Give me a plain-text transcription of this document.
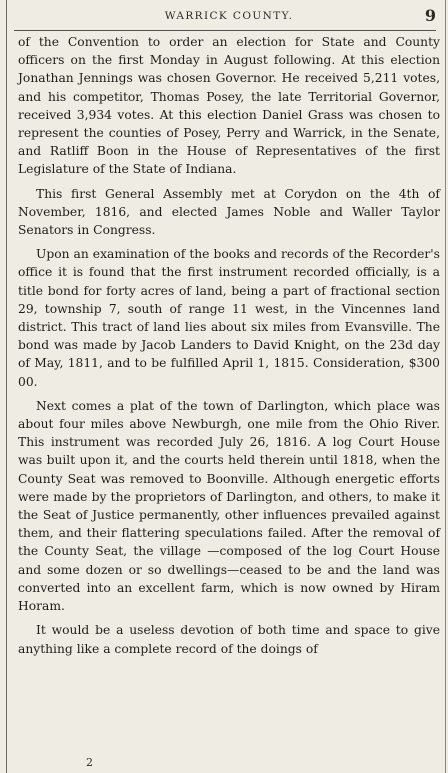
WARRICK COUNTY.	9

of the Convention to order an election for State and County officers on the first Monday in August following. At this election Jonathan Jennings was chosen Governor. He received 5,211 votes, and his competitor, Thomas Posey, the late Territorial Governor, received 3,934 votes. At this election Daniel Grass was chosen to represent the counties of Posey, Perry and Warrick, in the Senate, and Ratliff Boon in the House of Representatives of the first Legislature of the State of Indiana.

This first General Assembly met at Corydon on the 4th of November, 1816, and elected James Noble and Waller Taylor Senators in Congress.

Upon an examination of the books and records of the Recorder's office it is found that the first instrument recorded officially, is a title bond for forty acres of land, being a part of fractional section 29, township 7, south of range 11 west, in the Vincennes land district. This tract of land lies about six miles from Evansville. The bond was made by Jacob Landers to David Knight, on the 23d day of May, 1811, and to be fulfilled April 1, 1815. Consideration, $300 00.

Next comes a plat of the town of Darlington, which place was about four miles above Newburgh, one mile from the Ohio River. This instrument was recorded July 26, 1816. A log Court House was built upon it, and the courts held therein until 1818, when the County Seat was removed to Boonville. Although energetic efforts were made by the proprietors of Darlington, and others, to make it the Seat of Justice permanently, other influences prevailed against them, and their flattering speculations failed. After the removal of the County Seat, the village —composed of the log Court House and some dozen or so dwellings—ceased to be and the land was converted into an excellent farm, which is now owned by Hiram Horam.

It would be a useless devotion of both time and space to give anything like a complete record of the doings of

2
